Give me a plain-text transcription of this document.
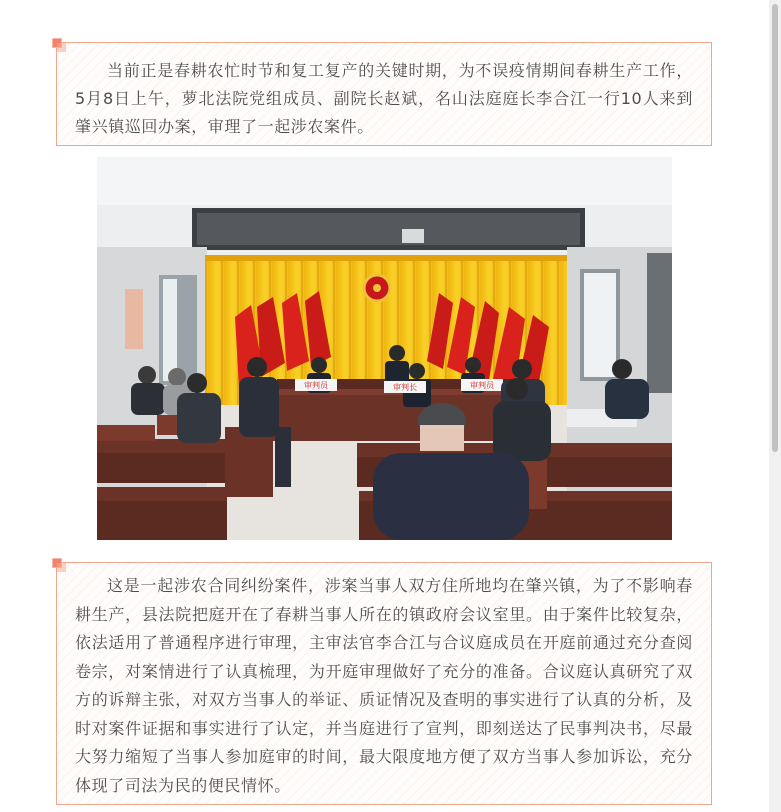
当前正是春耕农忙时节和复工复产的关键时期，为不误疫情期间春耕生产工作，5月8日上午，萝北法院党组成员、副院长赵斌，名山法庭庭长李合江一行10人来到肇兴镇巡回办案，审理了一起涉农案件。

审判员	审判长	审判员

这是一起涉农合同纠纷案件，涉案当事人双方住所地均在肇兴镇，为了不影响春耕生产，县法院把庭开在了春耕当事人所在的镇政府会议室里。由于案件比较复杂，依法适用了普通程序进行审理，主审法官李合江与合议庭成员在开庭前通过充分查阅卷宗，对案情进行了认真梳理，为开庭审理做好了充分的准备。合议庭认真研究了双方的诉辩主张，对双方当事人的举证、质证情况及查明的事实进行了认真的分析，及时对案件证据和事实进行了认定，并当庭进行了宣判，即刻送达了民事判决书，尽最大努力缩短了当事人参加庭审的时间，最大限度地方便了双方当事人参加诉讼，充分体现了司法为民的便民情怀。
